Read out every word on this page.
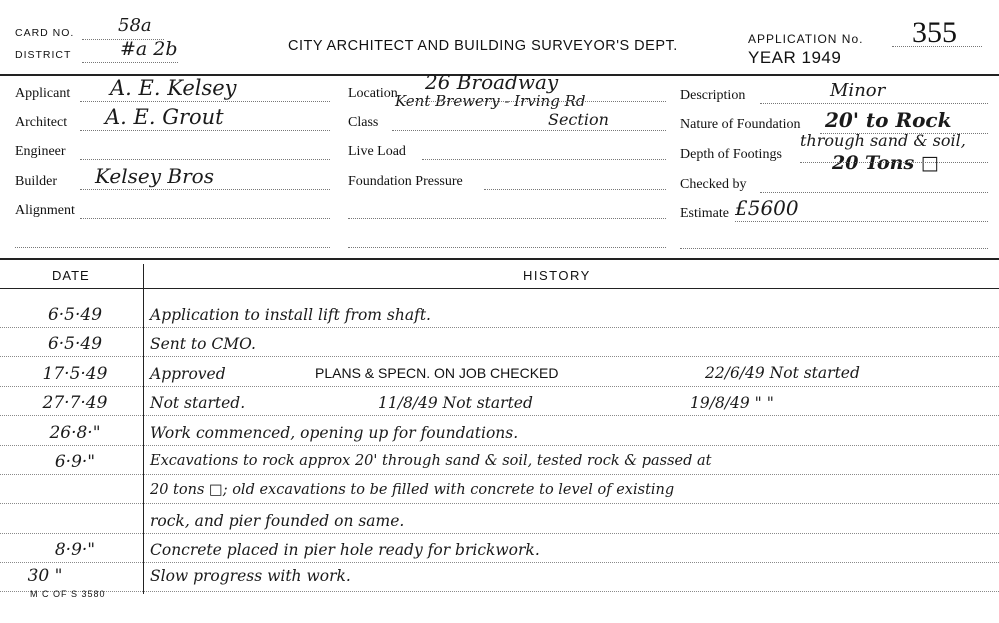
CARD NO. 58a
DISTRICT	#a 2b	CITY ARCHITECT AND BUILDING SURVEYOR'S DEPT.	APPLICATION No. 355
YEAR 1949
Applicant A. E. Kelsey
Architect A. E. Grout
Engineer
Builder Kelsey Bros
Alignment
Location 26 Broadway
Kent Brewery - Irving Rd
Class	Section
Live Load
Foundation Pressure
Description	Minor
Nature of Foundation 20' to Rock
through sand & soil,
Depth of Footings	20 Tons □
Checked by
Estimate £5600
DATE	HISTORY
6·5·49	Application to install lift from shaft.
6·5·49	Sent to CMO.
17·5·49	Approved	PLANS & SPECN. ON JOB CHECKED	22/6/49 Not started
27·7·49	Not started.	11/8/49 Not started	19/8/49 " "
26·8·"	Work commenced, opening up for foundations.
6·9·"	Excavations to rock approx 20' through sand & soil, tested rock & passed at
20 tons □; old excavations to be filled with concrete to level of existing
rock, and pier founded on same.
8·9·"	Concrete placed in pier hole ready for brickwork.
30 "	Slow progress with work.
M C OF S 3580
